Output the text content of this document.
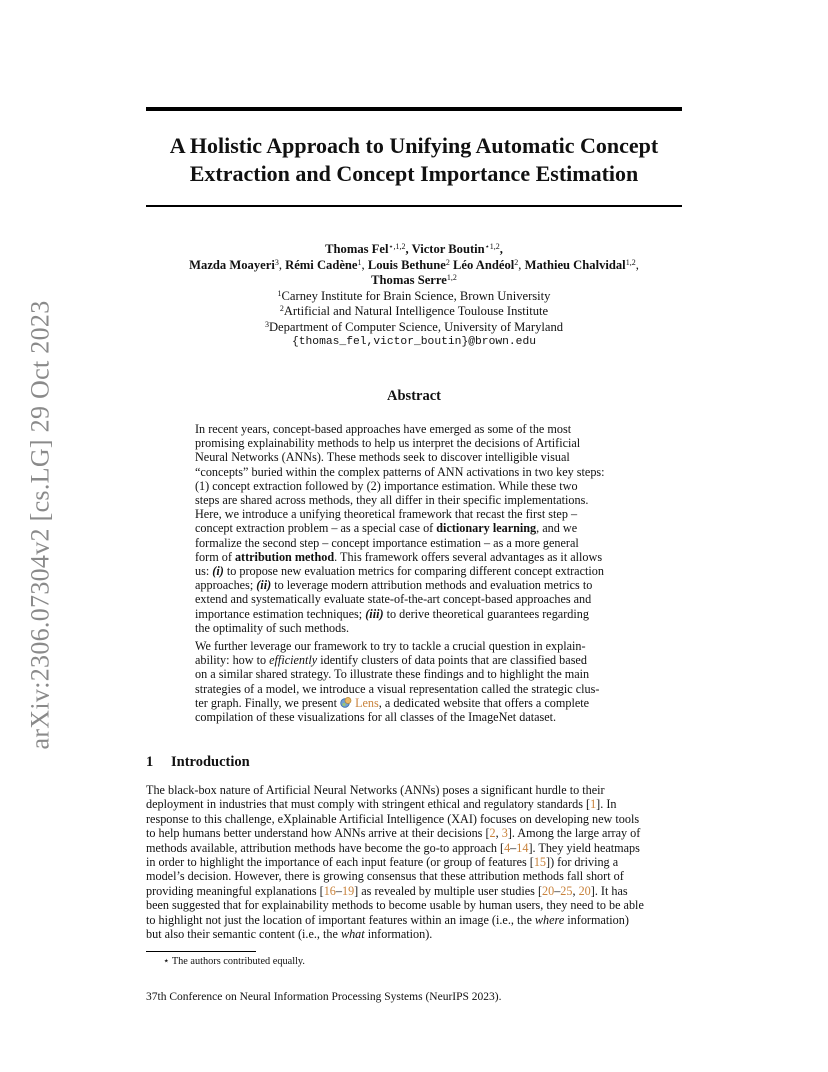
arXiv:2306.07304v2 [cs.LG] 29 Oct 2023
A Holistic Approach to Unifying Automatic Concept
Extraction and Concept Importance Estimation
Thomas Fel$^{⋆,1,2}$, Victor Boutin$^{⋆1,2}$,
Mazda Moayeri$^3$, Rémi Cadène$^1$, Louis Bethune$^2$ Léo Andéol$^2$, Mathieu Chalvidal$^{1,2}$,
Thomas Serre$^{1,2}$
$^1$Carney Institute for Brain Science, Brown University
$^2$Artificial and Natural Intelligence Toulouse Institute
$^3$Department of Computer Science, University of Maryland
{thomas_fel,victor_boutin}@brown.edu
Abstract
In recent years, concept-based approaches have emerged as some of the most
promising explainability methods to help us interpret the decisions of Artificial
Neural Networks (ANNs). These methods seek to discover intelligible visual
“concepts” buried within the complex patterns of ANN activations in two key steps:
(1) concept extraction followed by (2) importance estimation. While these two
steps are shared across methods, they all differ in their specific implementations.
Here, we introduce a unifying theoretical framework that recast the first step –
concept extraction problem – as a special case of dictionary learning, and we
formalize the second step – concept importance estimation – as a more general
form of attribution method. This framework offers several advantages as it allows
us: (i) to propose new evaluation metrics for comparing different concept extraction
approaches; (ii) to leverage modern attribution methods and evaluation metrics to
extend and systematically evaluate state-of-the-art concept-based approaches and
importance estimation techniques; (iii) to derive theoretical guarantees regarding
the optimality of such methods.
We further leverage our framework to try to tackle a crucial question in explain-
ability: how to efficiently identify clusters of data points that are classified based
on a similar shared strategy. To illustrate these findings and to highlight the main
strategies of a model, we introduce a visual representation called the strategic clus-
ter graph. Finally, we present
Lens, a dedicated website that offers a complete
compilation of these visualizations for all classes of the ImageNet dataset.
1 Introduction
The black-box nature of Artificial Neural Networks (ANNs) poses a significant hurdle to their
deployment in industries that must comply with stringent ethical and regulatory standards [1]. In
response to this challenge, eXplainable Artificial Intelligence (XAI) focuses on developing new tools
to help humans better understand how ANNs arrive at their decisions [2, 3]. Among the large array of
methods available, attribution methods have become the go-to approach [4–14]. They yield heatmaps
in order to highlight the importance of each input feature (or group of features [15]) for driving a
model’s decision. However, there is growing consensus that these attribution methods fall short of
providing meaningful explanations [16–19] as revealed by multiple user studies [20–25, 20]. It has
been suggested that for explainability methods to become usable by human users, they need to be able
to highlight not just the location of important features within an image (i.e., the where information)
but also their semantic content (i.e., the what information).
⋆ The authors contributed equally.
37th Conference on Neural Information Processing Systems (NeurIPS 2023).
